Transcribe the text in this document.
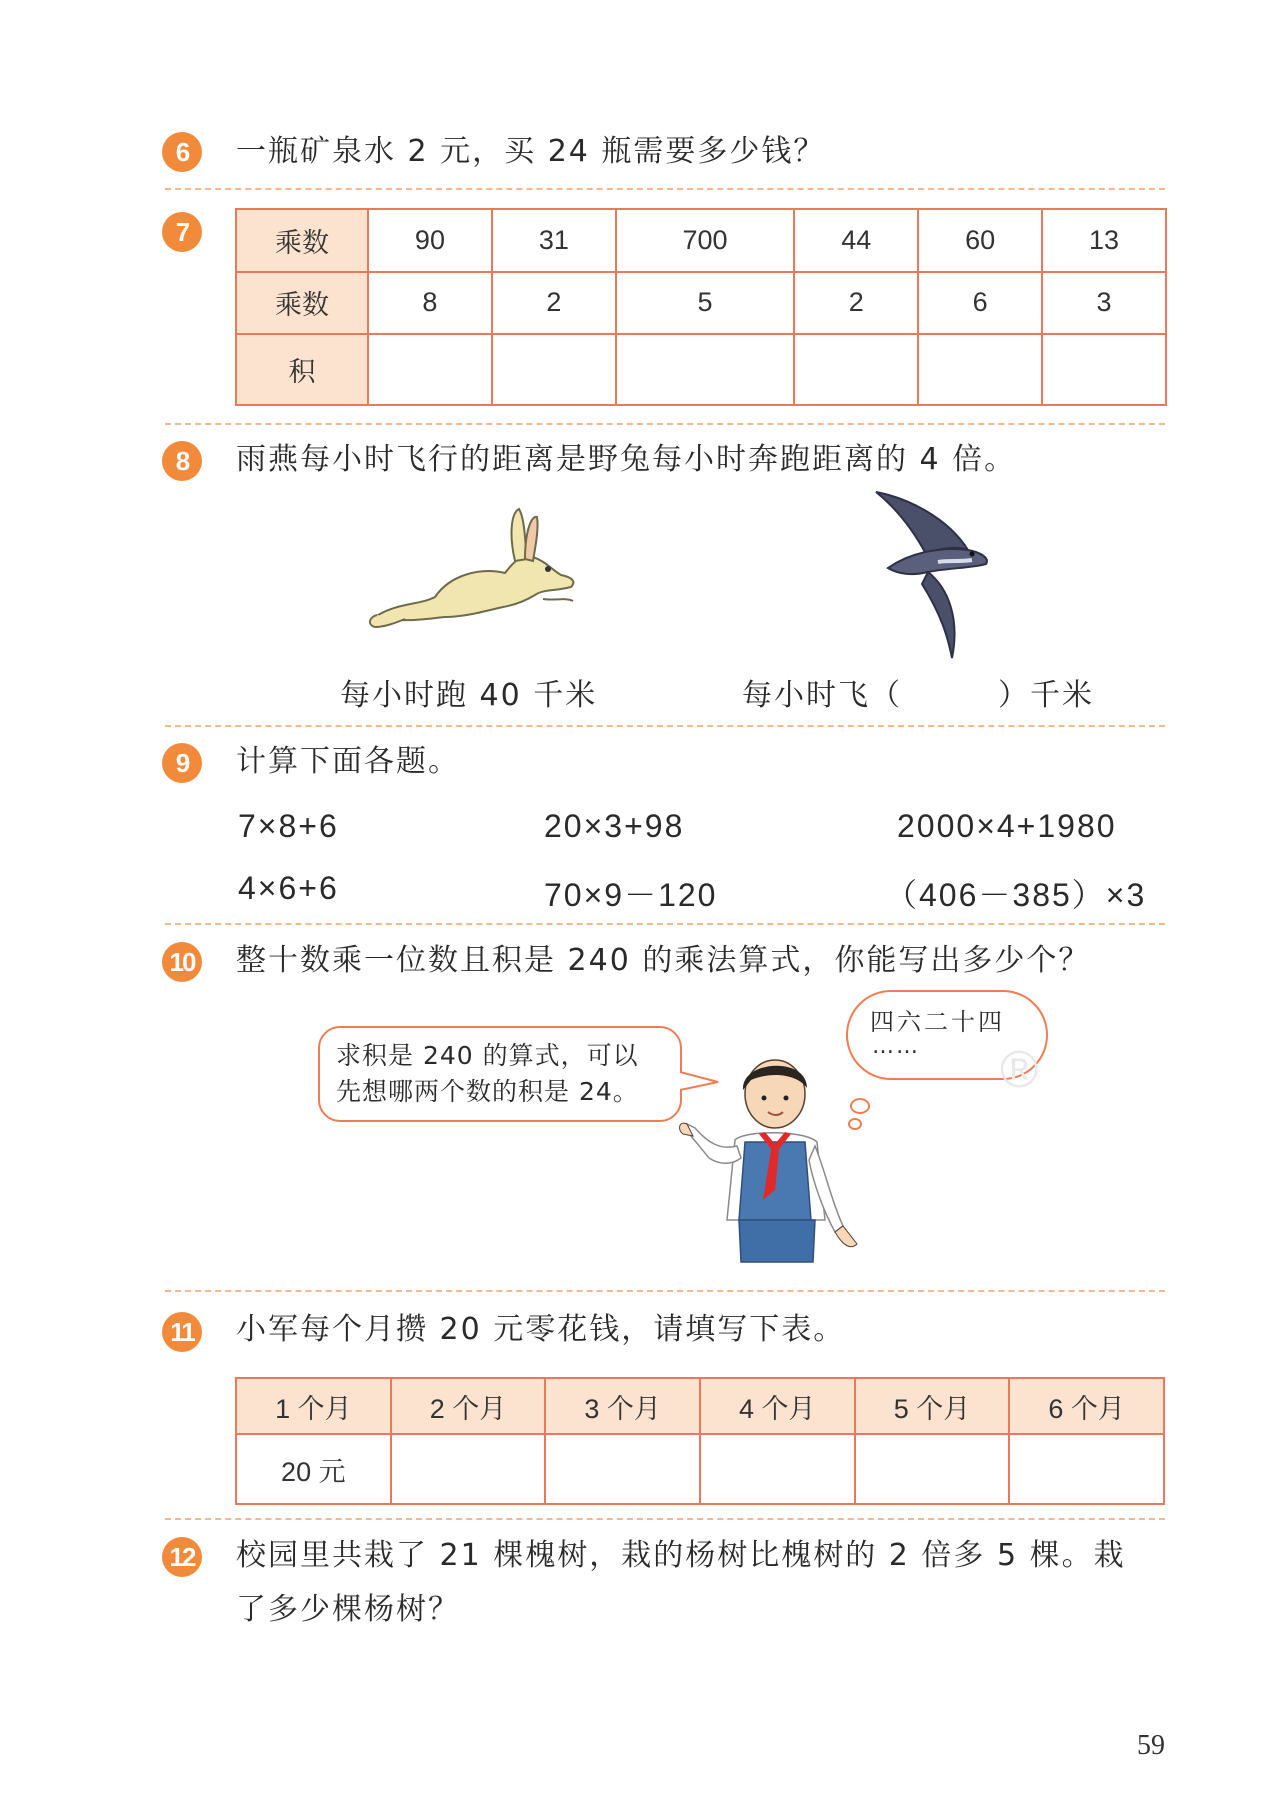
6	一瓶矿泉水 2 元，买 24 瓶需要多少钱？
7	乘数	90	31	700	44	60	13
乘数	8	2	5	2	6	3
积						
8	雨燕每小时飞行的距离是野兔每小时奔跑距离的 4 倍。
每小时跑 40 千米	每小时飞（　　　）千米
9	计算下面各题。
7×8+6	20×3+98	2000×4+1980
4×6+6	70×9－120	（406－385）×3
10 整十数乘一位数且积是 240 的乘法算式，你能写出多少个？
求积是 240 的算式，可以
先想哪两个数的积是 24。
四六二十四
…… ®
11 小军每个月攒 20 元零花钱，请填写下表。
1 个月	2 个月	3 个月	4 个月	5 个月	6 个月
20 元					
12 校园里共栽了 21 棵槐树，栽的杨树比槐树的 2 倍多 5 棵。栽
了多少棵杨树？
59
